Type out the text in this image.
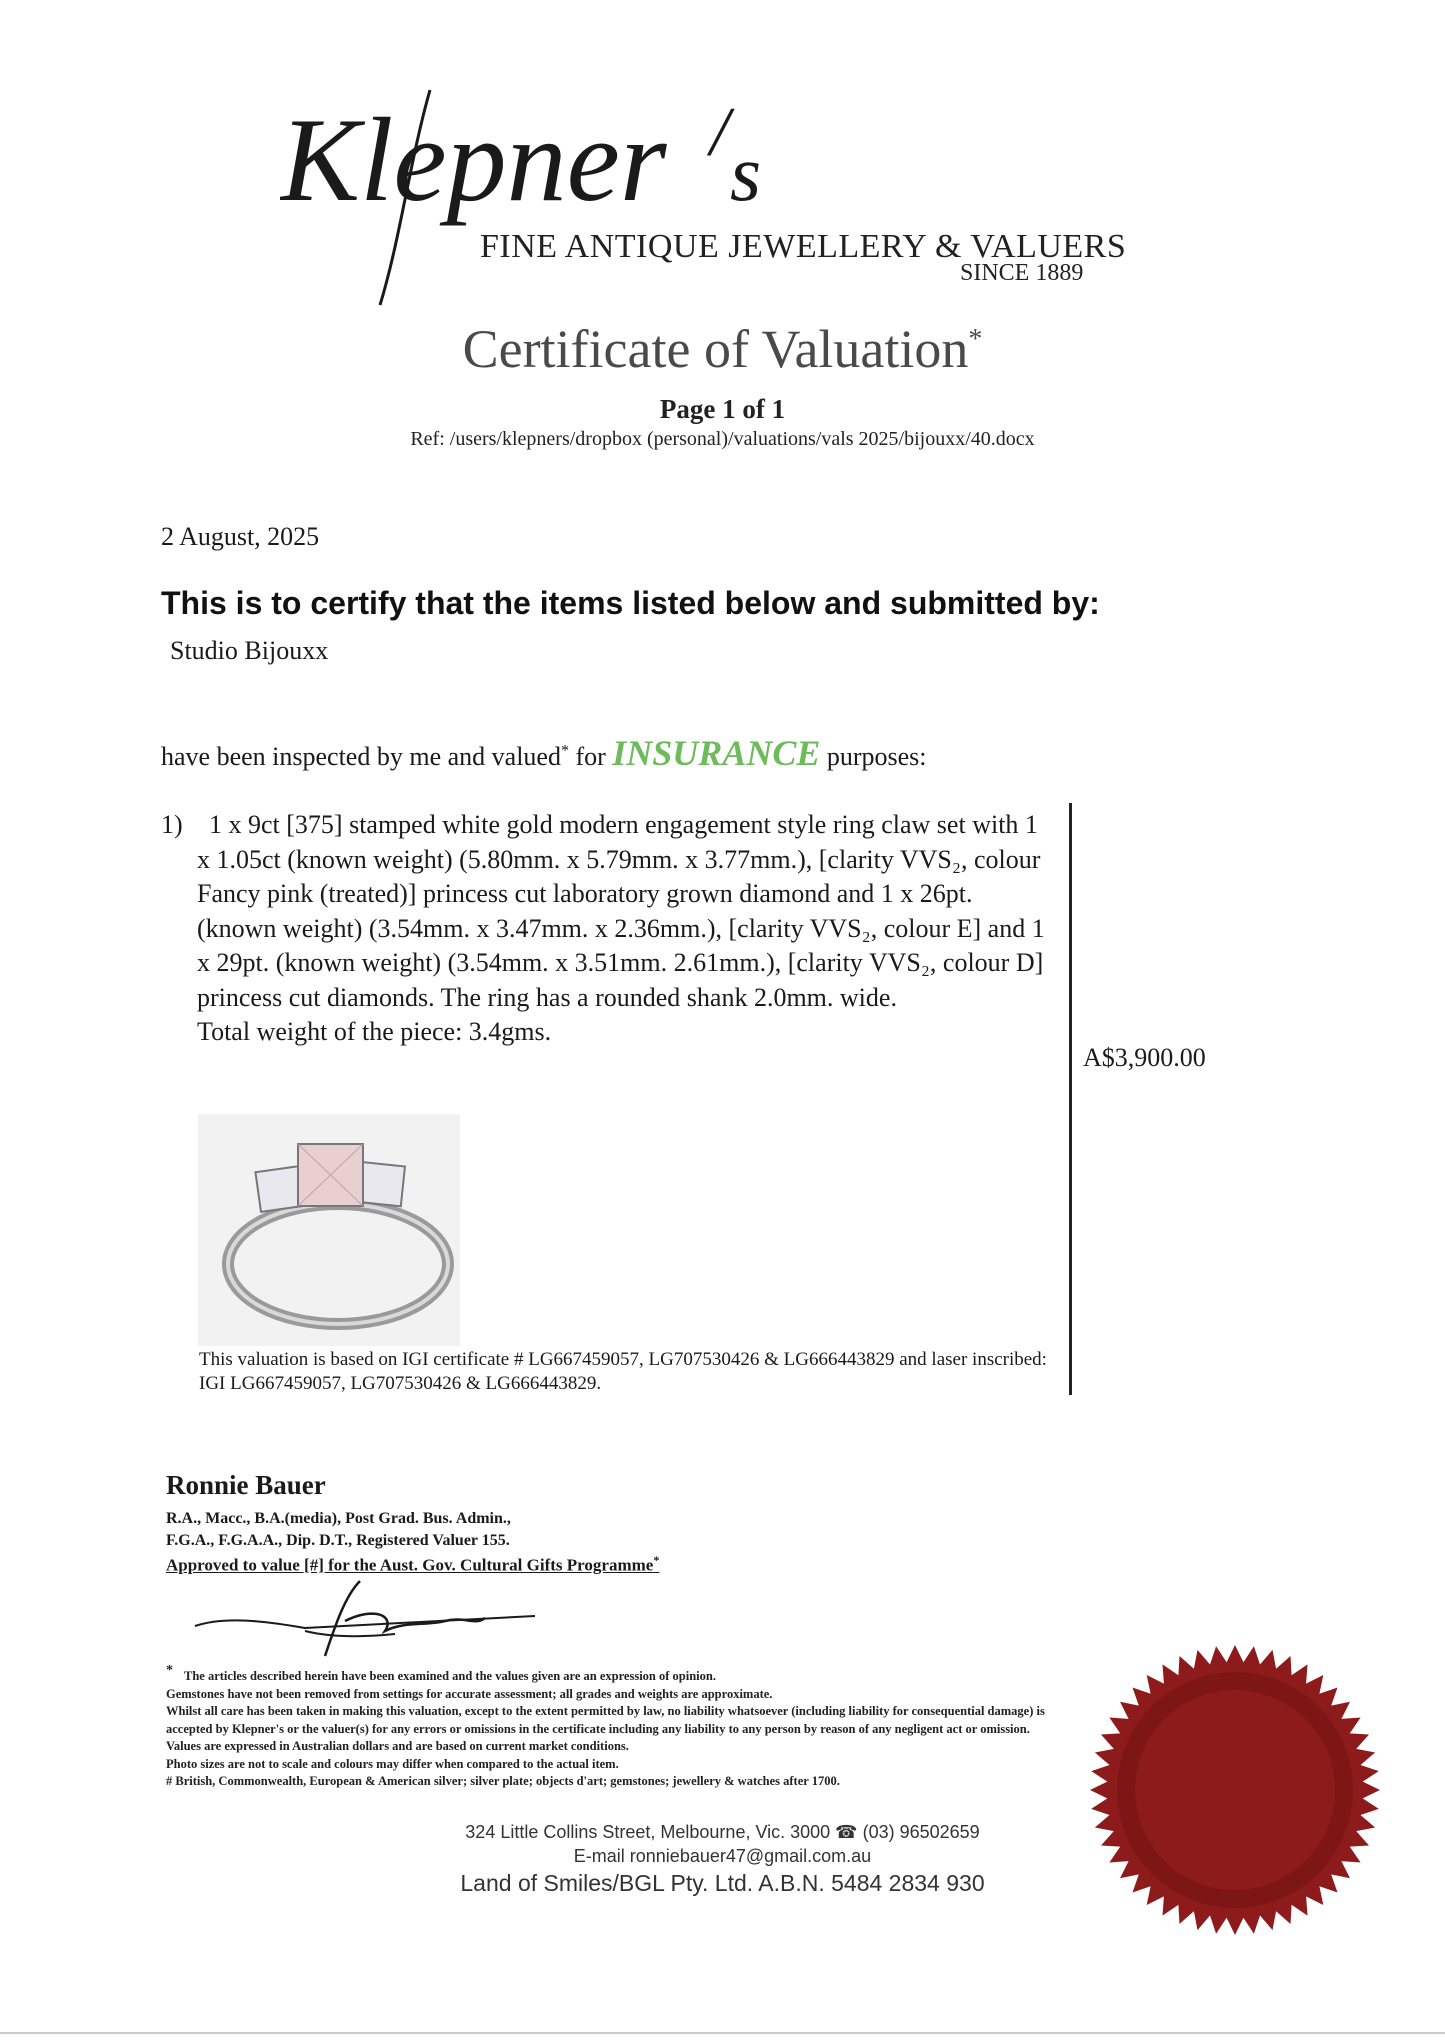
Klepner / s
FINE ANTIQUE JEWELLERY & VALUERS
SINCE 1889
Certificate of Valuation*
Page 1 of 1
Ref: /users/klepners/dropbox (personal)/valuations/vals 2025/bijouxx/40.docx
2 August, 2025
This is to certify that the items listed below and submitted by:
Studio Bijouxx
have been inspected by me and valued* for INSURANCE purposes:
1)	1 x 9ct [375] stamped white gold modern engagement style ring claw set with 1 x 1.05ct (known weight) (5.80mm. x 5.79mm. x 3.77mm.), [clarity VVS₂, colour Fancy pink (treated)] princess cut laboratory grown diamond and 1 x 26pt. (known weight) (3.54mm. x 3.47mm. x 2.36mm.), [clarity VVS₂, colour E] and 1 x 29pt. (known weight) (3.54mm. x 3.51mm. 2.61mm.), [clarity VVS₂, colour D] princess cut diamonds. The ring has a rounded shank 2.0mm. wide.

Total weight of the piece: 3.4gms.

A$3,900.00
This valuation is based on IGI certificate # LG667459057, LG707530426 & LG666443829 and laser inscribed: IGI LG667459057, LG707530426 & LG666443829.
Ronnie Bauer
R.A., Macc., B.A.(media), Post Grad. Bus. Admin.,
F.G.A., F.G.A.A., Dip. D.T., Registered Valuer 155.
Approved to value [#] for the Aust. Gov. Cultural Gifts Programme*

* The articles described herein have been examined and the values given are an expression of opinion.

Gemstones have not been removed from settings for accurate assessment; all grades and weights are approximate.

Whilst all care has been taken in making this valuation, except to the extent permitted by law, no liability whatsoever (including liability for consequential damage) is accepted by Klepner's or the valuer(s) for any errors or omissions in the certificate including any liability to any person by reason of any negligent act or omission. Values are expressed in Australian dollars and are based on current market conditions.

Photo sizes are not to scale and colours may differ when compared to the actual item.

# British, Commonwealth, European & American silver; silver plate; objects d'art; gemstones; jewellery & watches after 1700.

324 Little Collins Street, Melbourne, Vic. 3000 ☎ (03) 96502659
E-mail ronniebauer47@gmail.com.au
Land of Smiles/BGL Pty. Ltd. A.B.N. 5484 2834 930
